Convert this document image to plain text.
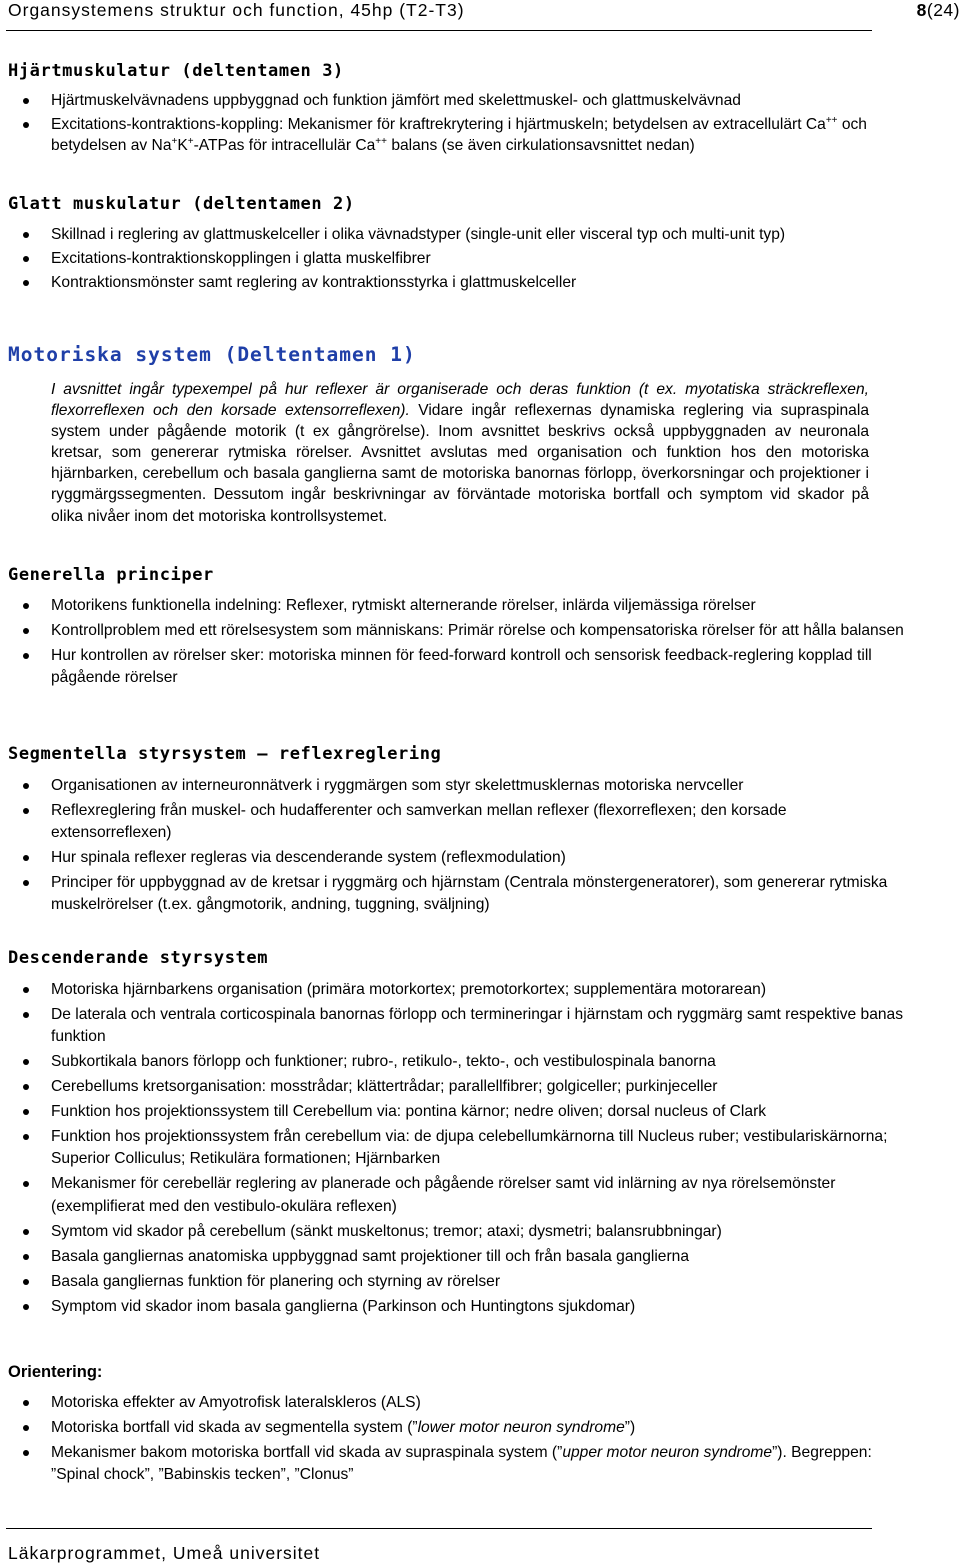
Organsystemens struktur och function, 45hp (T2-T3)	8(24)
Hjärtmuskulatur (deltentamen 3)
Hjärtmuskelvävnadens uppbyggnad och funktion jämfört med skelettmuskel- och glattmuskelvävnad
Excitations-kontraktions-koppling: Mekanismer för kraftrekrytering i hjärtmuskeln; betydelsen av extracellulärt Ca++ och betydelsen av Na+K+-ATPas för intracellulär Ca++ balans (se även cirkulationsavsnittet nedan)
Glatt muskulatur (deltentamen 2)
Skillnad i reglering av glattmuskelceller i olika vävnadstyper (single-unit eller visceral typ och multi-unit typ)
Excitations-kontraktionskopplingen i glatta muskelfibrer
Kontraktionsmönster samt reglering av kontraktionsstyrka i glattmuskelceller
Motoriska system (Deltentamen 1)

I avsnittet ingår typexempel på hur reflexer är organiserade och deras funktion (t ex. myotatiska sträckreflexen, flexorreflexen och den korsade extensorreflexen). Vidare ingår reflexernas dynamiska reglering via supraspinala system under pågående motorik (t ex gångrörelse). Inom avsnittet beskrivs också uppbyggnaden av neuronala kretsar, som genererar rytmiska rörelser. Avsnittet avslutas med organisation och funktion hos den motoriska hjärnbarken, cerebellum och basala ganglierna samt de motoriska banornas förlopp, överkorsningar och projektioner i ryggmärgssegmenten. Dessutom ingår beskrivningar av förväntade motoriska bortfall och symptom vid skador på olika nivåer inom det motoriska kontrollsystemet.

Generella principer
Motorikens funktionella indelning: Reflexer, rytmiskt alternerande rörelser, inlärda viljemässiga rörelser
Kontrollproblem med ett rörelsesystem som människans: Primär rörelse och kompensatoriska rörelser för att hålla balansen
Hur kontrollen av rörelser sker: motoriska minnen för feed-forward kontroll och sensorisk feedback-reglering kopplad till pågående rörelser
Segmentella styrsystem – reflexreglering
Organisationen av interneuronnätverk i ryggmärgen som styr skelettmusklernas motoriska nervceller
Reflexreglering från muskel- och hudafferenter och samverkan mellan reflexer (flexorreflexen; den korsade extensorreflexen)
Hur spinala reflexer regleras via descenderande system (reflexmodulation)
Principer för uppbyggnad av de kretsar i ryggmärg och hjärnstam (Centrala mönstergeneratorer), som genererar rytmiska muskelrörelser (t.ex. gångmotorik, andning, tuggning, sväljning)
Descenderande styrsystem
Motoriska hjärnbarkens organisation (primära motorkortex; premotorkortex; supplementära motorarean)
De laterala och ventrala corticospinala banornas förlopp och termineringar i hjärnstam och ryggmärg samt respektive banas funktion
Subkortikala banors förlopp och funktioner; rubro-, retikulo-, tekto-, och vestibulospinala banorna
Cerebellums kretsorganisation: mosstrådar; klättertrådar; parallellfibrer; golgiceller; purkinjeceller
Funktion hos projektionssystem till Cerebellum via: pontina kärnor; nedre oliven; dorsal nucleus of Clark
Funktion hos projektionssystem från cerebellum via: de djupa celebellumkärnorna till Nucleus ruber; vestibulariskärnorna; Superior Colliculus; Retikulära formationen; Hjärnbarken
Mekanismer för cerebellär reglering av planerade och pågående rörelser samt vid inlärning av nya rörelsemönster (exemplifierat med den vestibulo-okulära reflexen)
Symtom vid skador på cerebellum (sänkt muskeltonus; tremor; ataxi; dysmetri; balansrubbningar)
Basala gangliernas anatomiska uppbyggnad samt projektioner till och från basala ganglierna
Basala gangliernas funktion för planering och styrning av rörelser
Symptom vid skador inom basala ganglierna (Parkinson och Huntingtons sjukdomar)
Orientering:
Motoriska effekter av Amyotrofisk lateralskleros (ALS)
Motoriska bortfall vid skada av segmentella system (”lower motor neuron syndrome”)
Mekanismer bakom motoriska bortfall vid skada av supraspinala system (”upper motor neuron syndrome”). Begreppen: ”Spinal chock”, ”Babinskis tecken”, ”Clonus”
Läkarprogrammet, Umeå universitet
